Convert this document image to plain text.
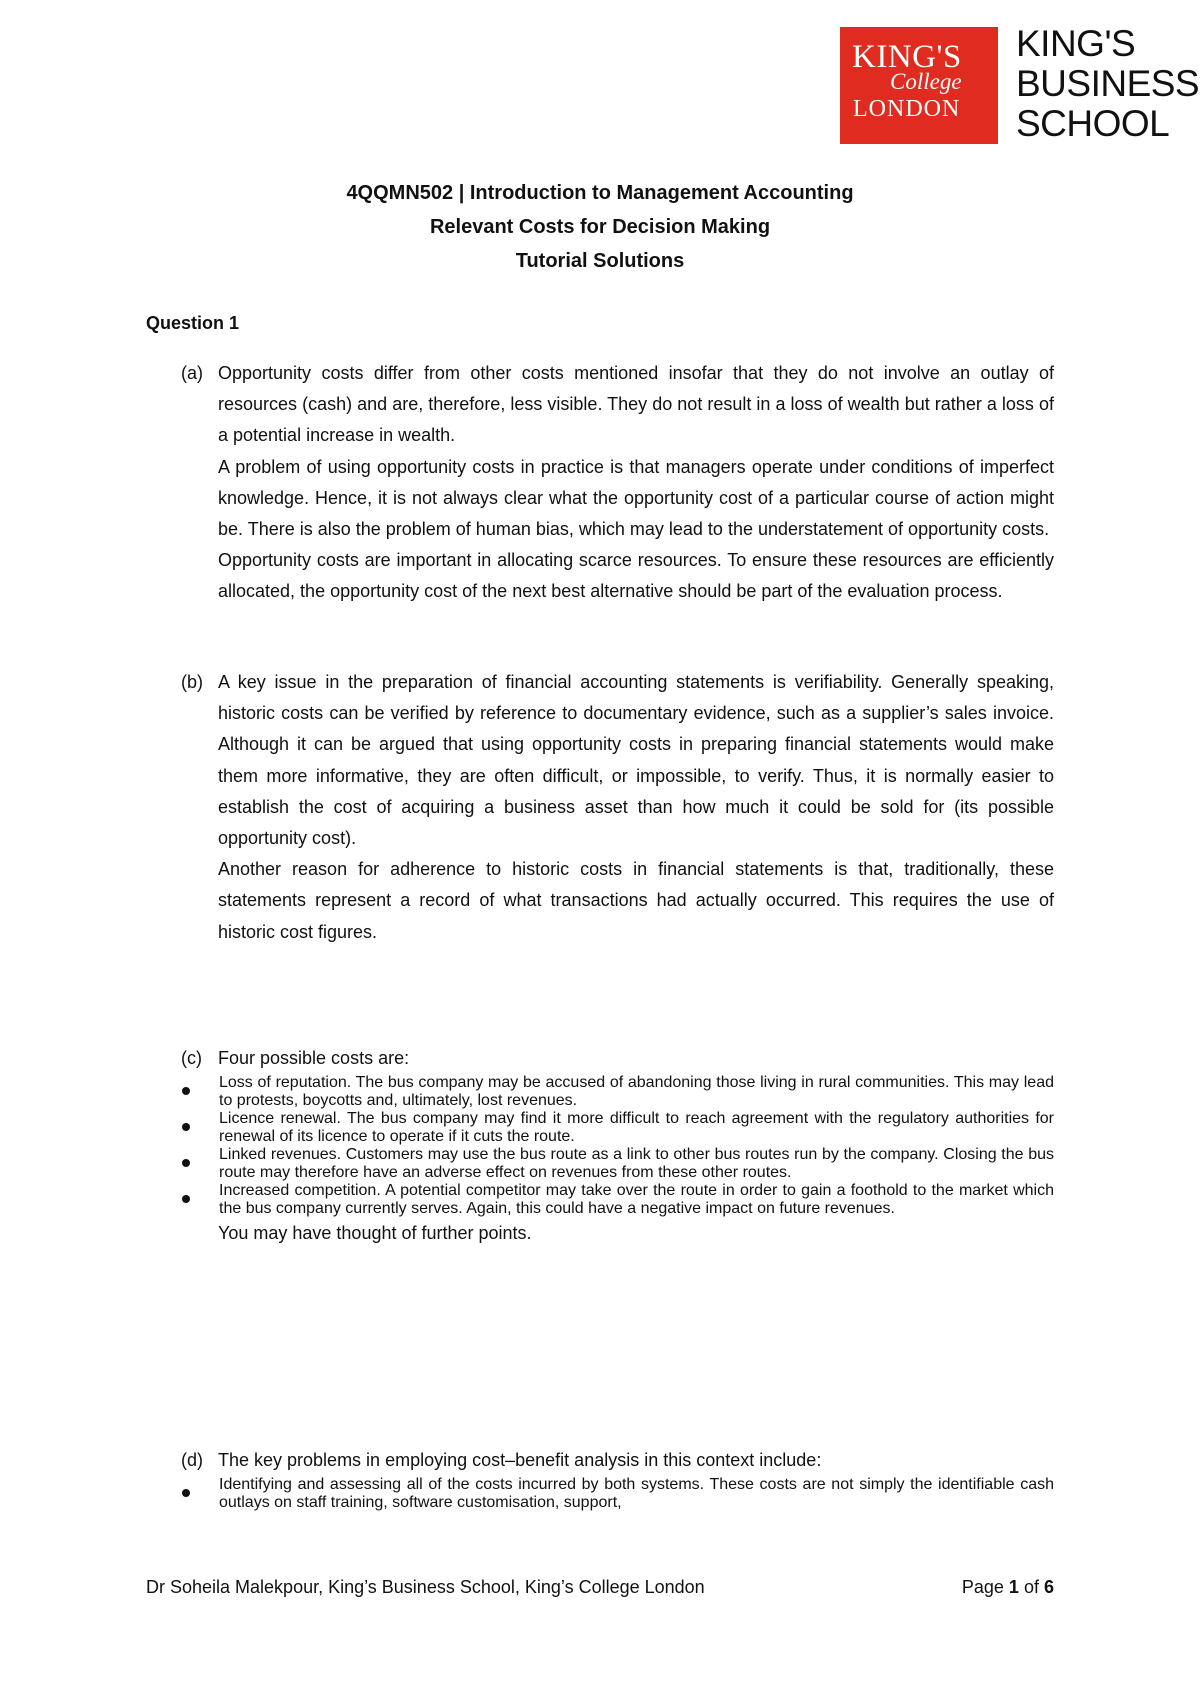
KING'S
College
LONDON
KING'S
BUSINESS
SCHOOL
4QQMN502 | Introduction to Management Accounting
Relevant Costs for Decision Making
Tutorial Solutions
Question 1
(a) Opportunity costs differ from other costs mentioned insofar that they do not involve an outlay of resources (cash) and are, therefore, less visible. They do not result in a loss of wealth but rather a loss of a potential increase in wealth.

A problem of using opportunity costs in practice is that managers operate under conditions of imperfect knowledge. Hence, it is not always clear what the opportunity cost of a particular course of action might be. There is also the problem of human bias, which may lead to the understatement of opportunity costs.

Opportunity costs are important in allocating scarce resources. To ensure these resources are efficiently allocated, the opportunity cost of the next best alternative should be part of the evaluation process.

(b) A key issue in the preparation of financial accounting statements is verifiability. Generally speaking, historic costs can be verified by reference to documentary evidence, such as a supplier’s sales invoice. Although it can be argued that using opportunity costs in preparing financial statements would make them more informative, they are often difficult, or impossible, to verify. Thus, it is normally easier to establish the cost of acquiring a business asset than how much it could be sold for (its possible opportunity cost).

Another reason for adherence to historic costs in financial statements is that, traditionally, these statements represent a record of what transactions had actually occurred. This requires the use of historic cost figures.

(c) Four possible costs are:

Loss of reputation. The bus company may be accused of abandoning those living in rural communities. This may lead to protests, boycotts and, ultimately, lost revenues.
Licence renewal. The bus company may find it more difficult to reach agreement with the regulatory authorities for renewal of its licence to operate if it cuts the route.
Linked revenues. Customers may use the bus route as a link to other bus routes run by the company. Closing the bus route may therefore have an adverse effect on revenues from these other routes.
Increased competition. A potential competitor may take over the route in order to gain a foothold to the market which the bus company currently serves. Again, this could have a negative impact on future revenues.

You may have thought of further points.

(d) The key problems in employing cost–benefit analysis in this context include:

Identifying and assessing all of the costs incurred by both systems. These costs are not simply the identifiable cash outlays on staff training, software customisation, support,
Dr Soheila Malekpour, King’s Business School, King’s College London	Page 1 of 6
